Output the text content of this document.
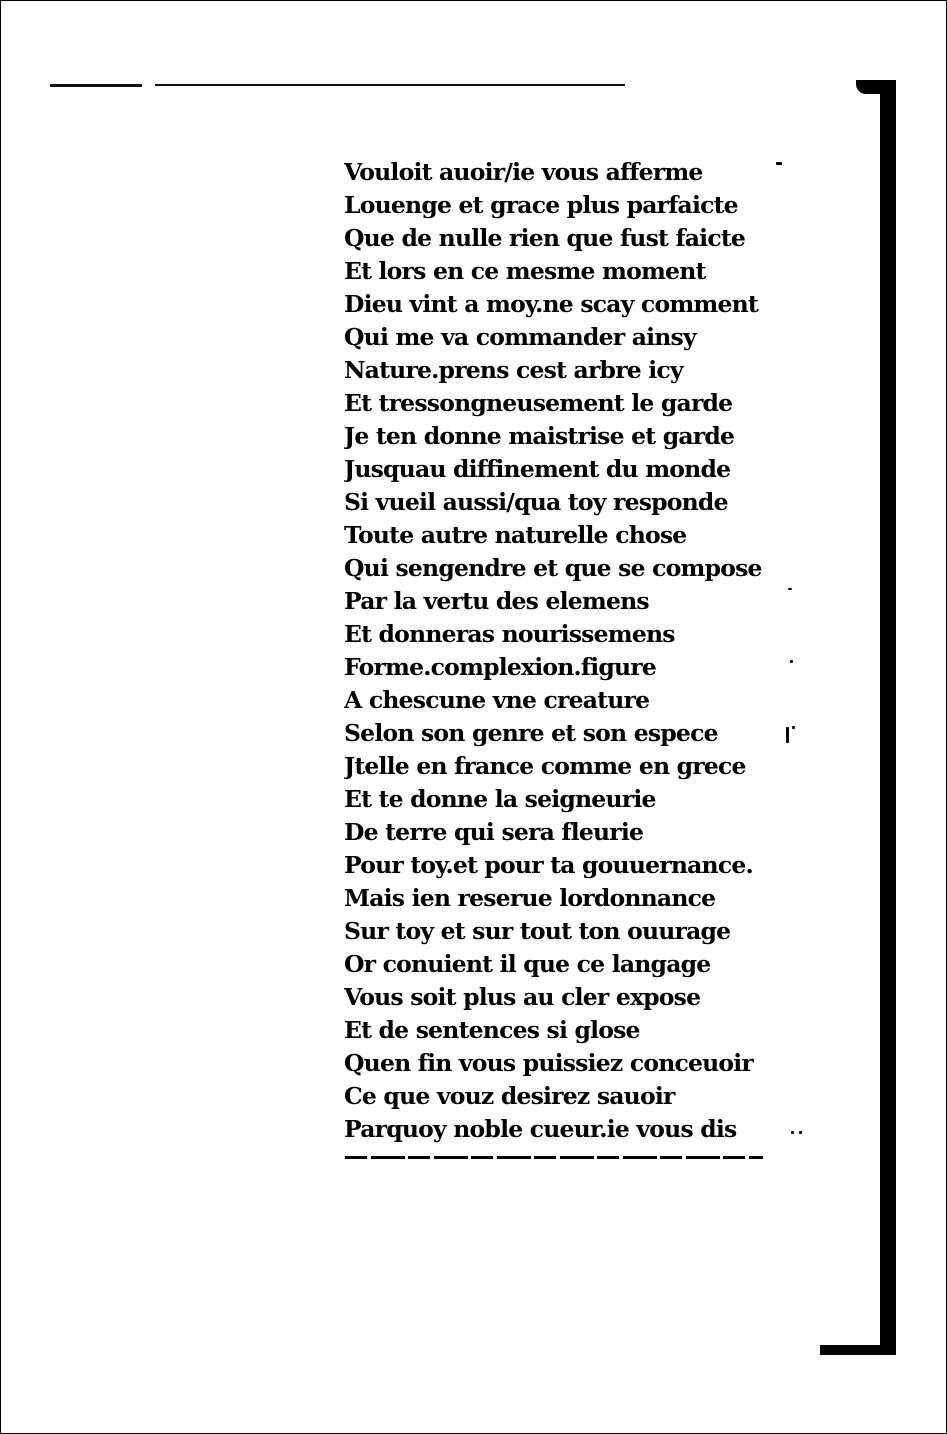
Vouloit auoir/ie vous afferme
Louenge et grace plus parfaicte
Que de nulle rien que fust faicte
Et lors en ce mesme moment
Dieu vint a moy.ne scay comment
Qui me va commander ainsy
Nature.prens cest arbre icy
Et tressongneusement le garde
Je ten donne maistrise et garde
Jusquau diffinement du monde
Si vueil aussi/qua toy responde
Toute autre naturelle chose
Qui sengendre et que se compose
Par la vertu des elemens
Et donneras nourissemens
Forme.complexion.figure
A chescune vne creature
Selon son genre et son espece
Jtelle en france comme en grece
Et te donne la seigneurie
De terre qui sera fleurie
Pour toy.et pour ta gouuernance.
Mais ien reserue lordonnance
Sur toy et sur tout ton ouurage
Or conuient il que ce langage
Vous soit plus au cler expose
Et de sentences si glose
Quen fin vous puissiez conceuoir
Ce que vouz desirez sauoir
Parquoy noble cueur.ie vous dis
